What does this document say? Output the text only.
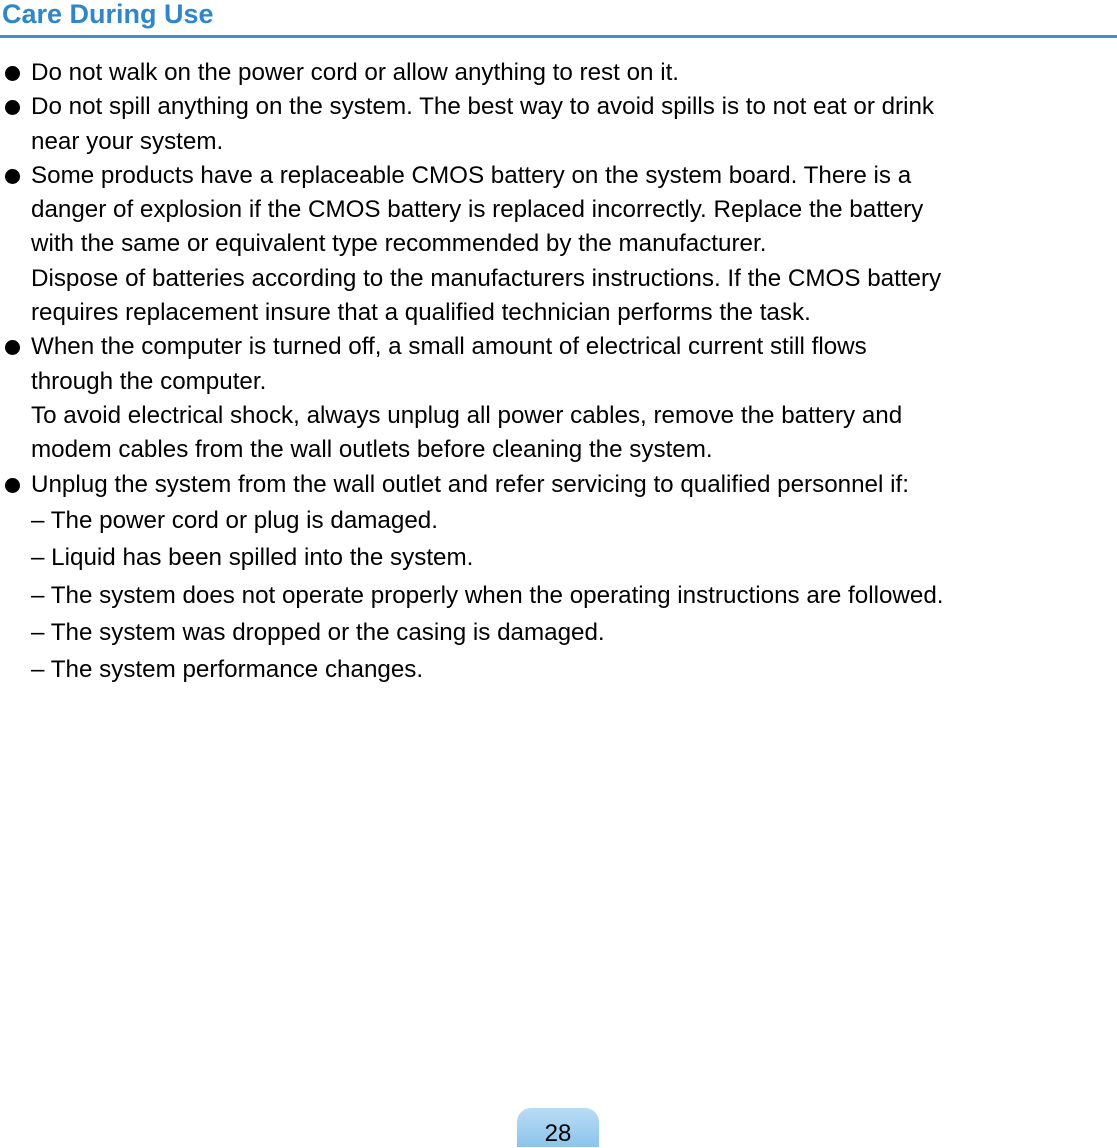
Care During Use
Do not walk on the power cord or allow anything to rest on it.
Do not spill anything on the system. The best way to avoid spills is to not eat or drink
near your system.
Some products have a replaceable CMOS battery on the system board. There is a
danger of explosion if the CMOS battery is replaced incorrectly. Replace the battery
with the same or equivalent type recommended by the manufacturer.
Dispose of batteries according to the manufacturers instructions. If the CMOS battery
requires replacement insure that a qualified technician performs the task.
When the computer is turned off, a small amount of electrical current still flows
through the computer.
To avoid electrical shock, always unplug all power cables, remove the battery and
modem cables from the wall outlets before cleaning the system.
Unplug the system from the wall outlet and refer servicing to qualified personnel if:
– The power cord or plug is damaged.
– Liquid has been spilled into the system.
– The system does not operate properly when the operating instructions are followed.
– The system was dropped or the casing is damaged.
– The system performance changes.
28
